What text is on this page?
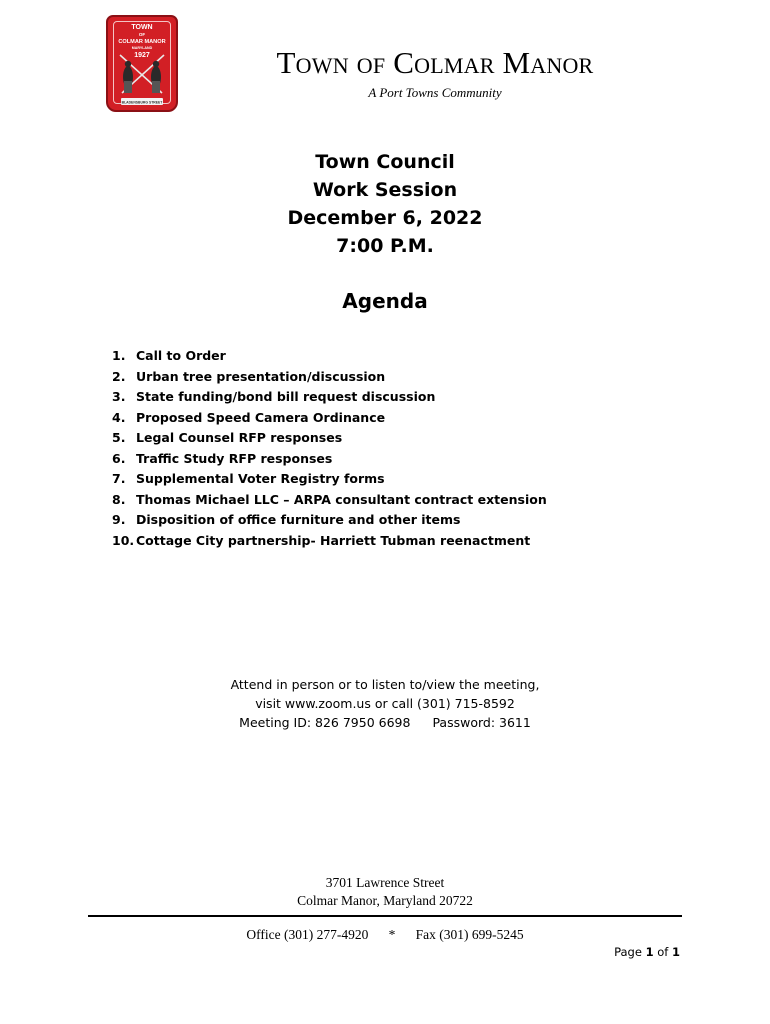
TOWN
OF
COLMAR MANOR
MARYLAND
1927
BLADENSBURG STREET
Town of Colmar Manor
A Port Towns Community
Town Council
Work Session
December 6, 2022
7:00 P.M.
Agenda
1. Call to Order
2. Urban tree presentation/discussion
3. State funding/bond bill request discussion
4. Proposed Speed Camera Ordinance
5. Legal Counsel RFP responses
6. Traffic Study RFP responses
7. Supplemental Voter Registry forms
8. Thomas Michael LLC – ARPA consultant contract extension
9. Disposition of office furniture and other items
10. Cottage City partnership- Harriett Tubman reenactment
Attend in person or to listen to/view the meeting,
visit www.zoom.us or call (301) 715-8592
Meeting ID: 826 7950 6698 Password: 3611
3701 Lawrence Street
Colmar Manor, Maryland 20722
Office (301) 277-4920      *      Fax (301) 699-5245
Page 1 of 1
